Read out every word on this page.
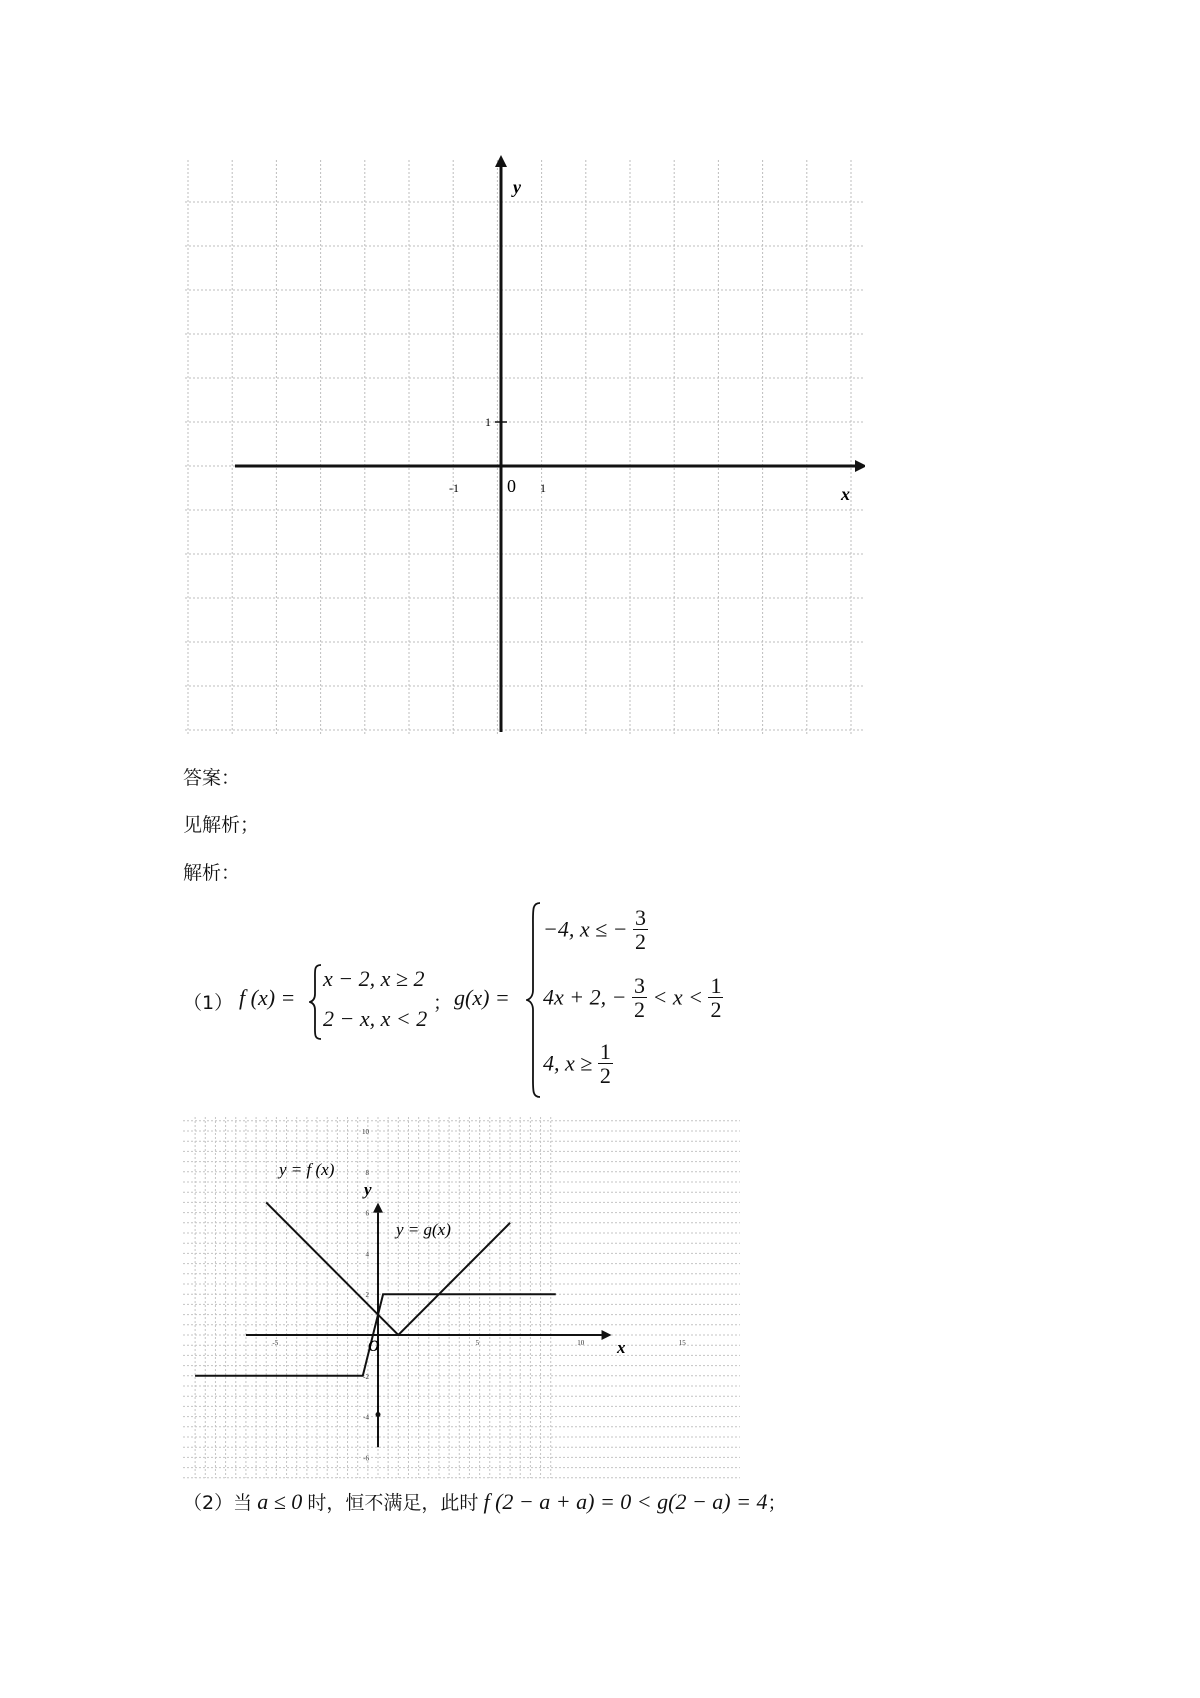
y
x
-1	0 1
1
答案：
见解析；
解析：
（1） f (x) =
x − 2, x ≥ 2
2 − x, x < 2
； g(x) =
−4, x ≤ − $\frac{3}{2}$
4x + 2, − $\frac{3}{2} < x < \frac{1}{2}$
4, $x \ge \frac{1}{2}$
-5	5	10	15
10
8
6
4
2
-2
-4
-6
y = f (x)
y = g(x)
x
y
O
（2）当 a ≤ 0 时，恒不满足，此时 f (2 − a + a) = 0 < g(2 − a) = 4；
